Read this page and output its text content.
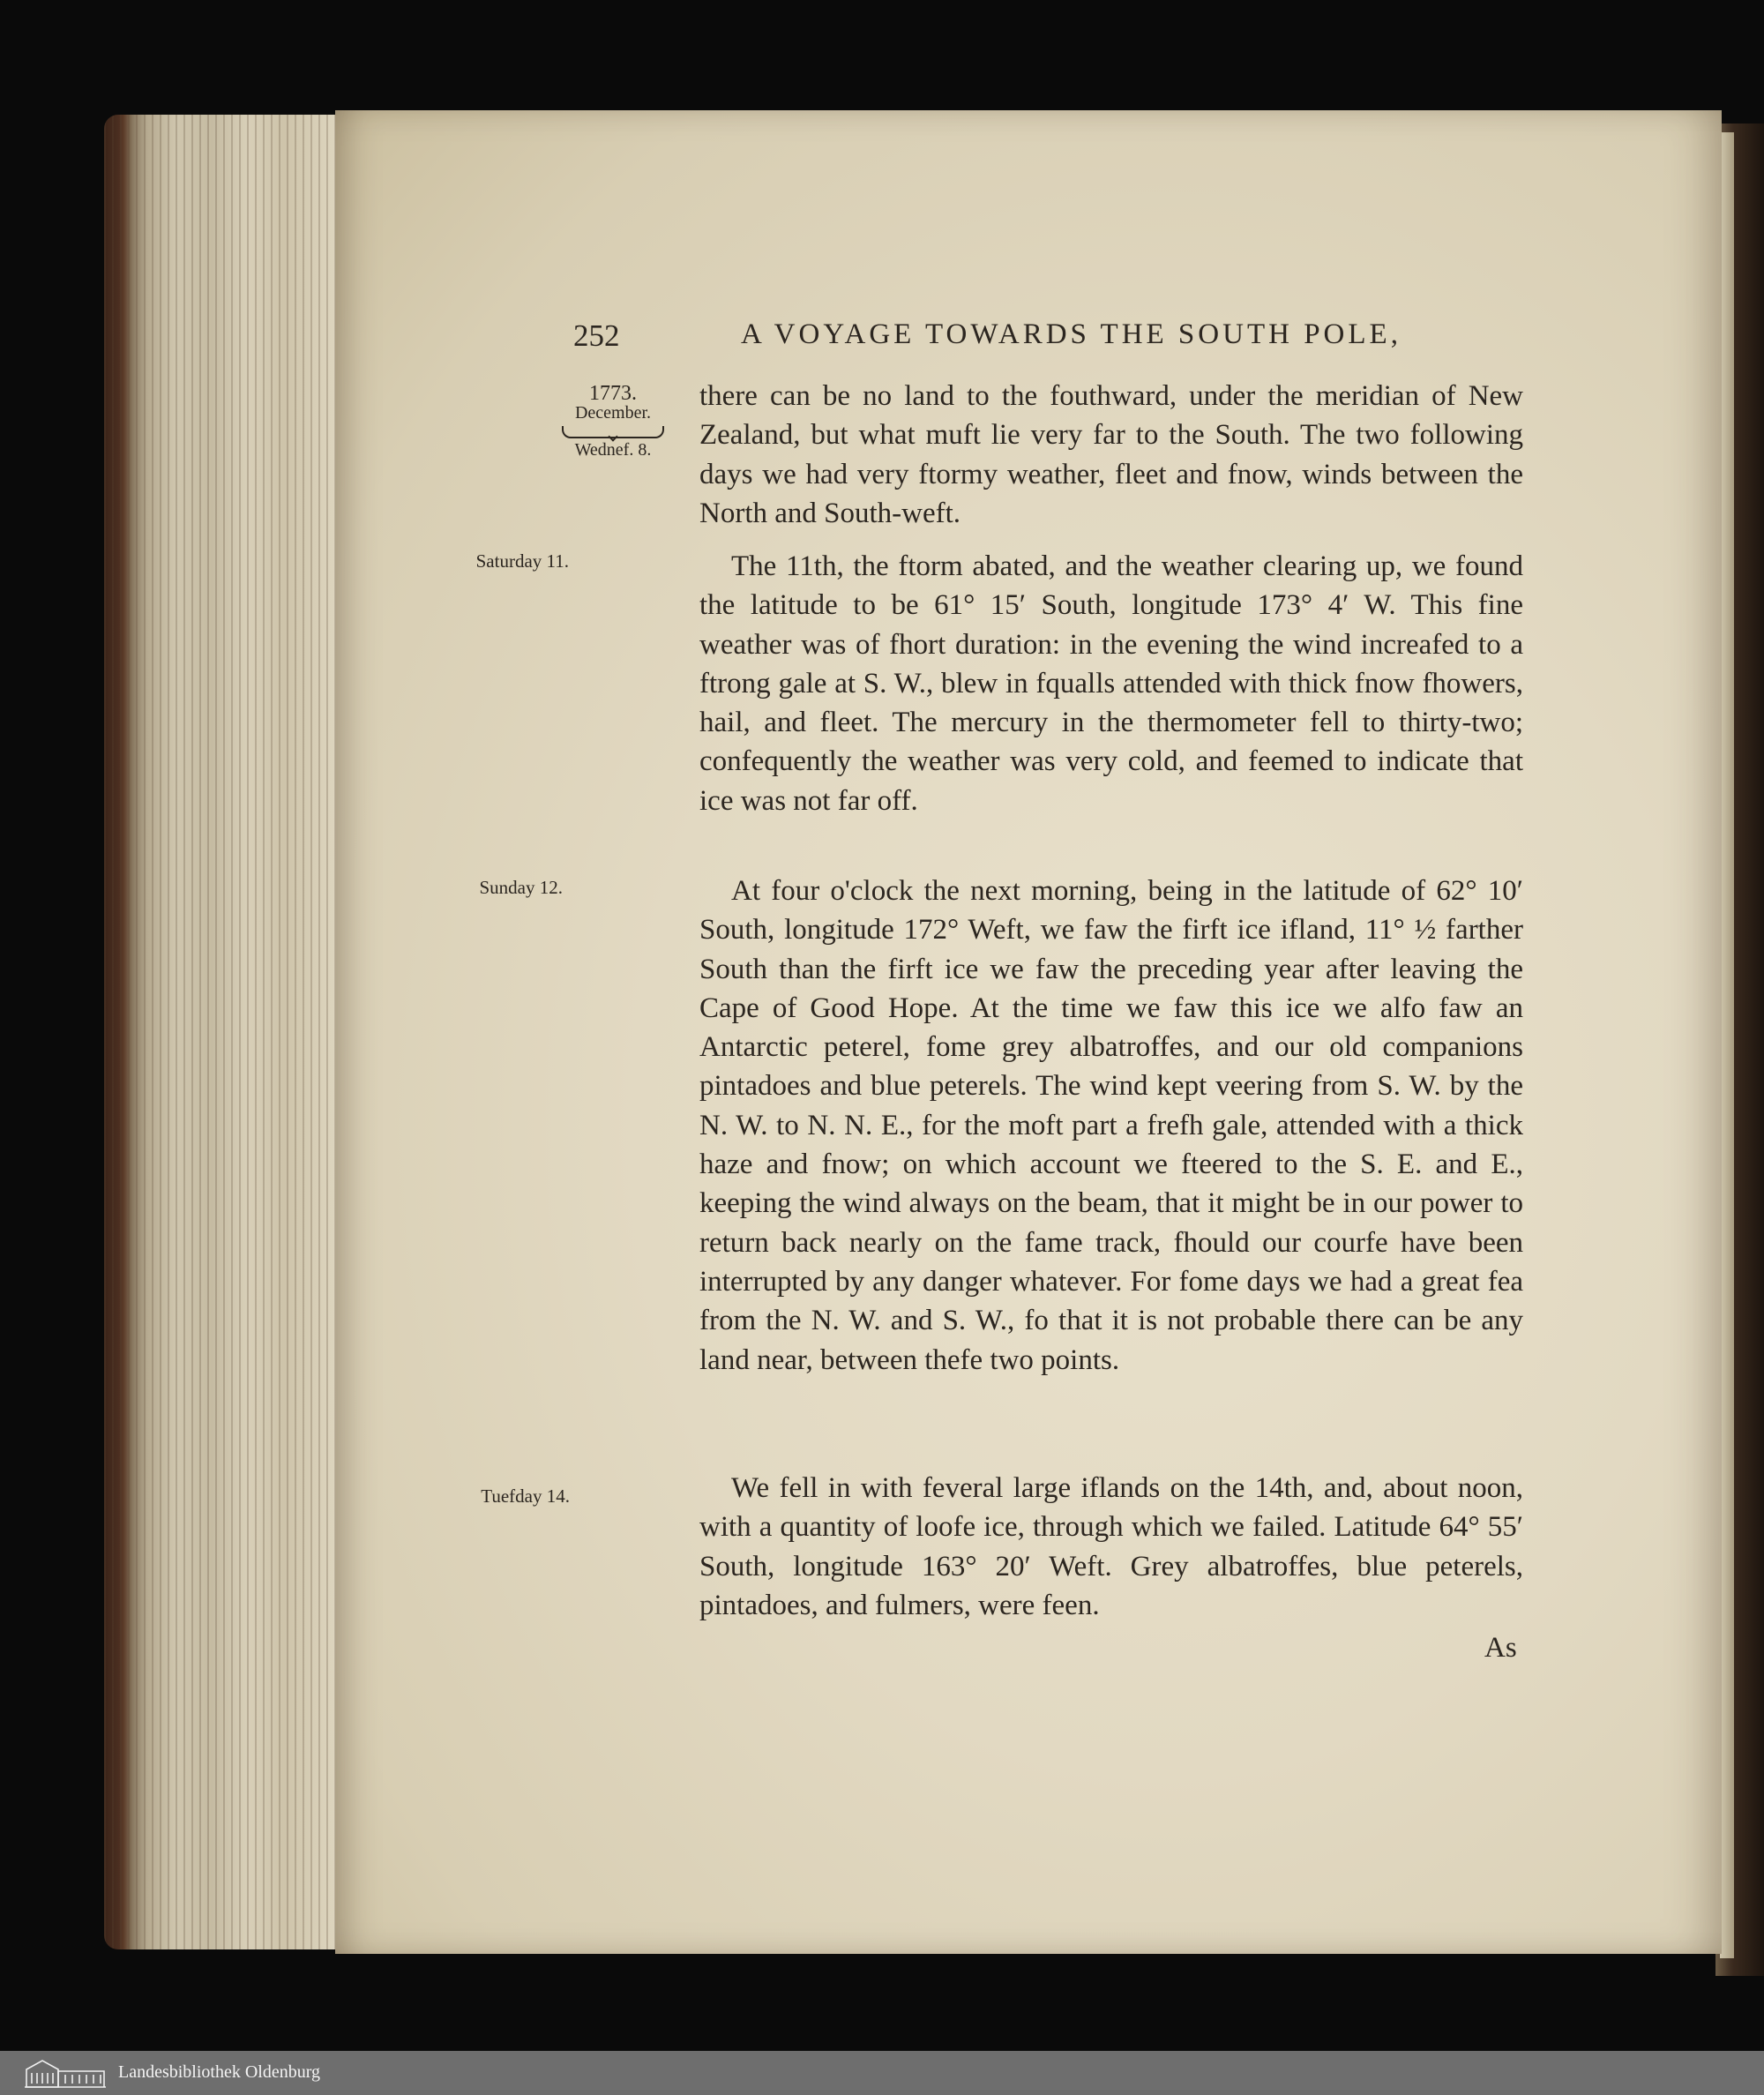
252	A VOYAGE TOWARDS THE SOUTH POLE,
1773.
December.
Wednef. 8.
Saturday 11.
Sunday 12.
Tuefday 14.

there can be no land to the fouthward, under the meridian of New Zealand, but what muft lie very far to the South. The two following days we had very ftormy weather, fleet and fnow, winds between the North and South-weft.

The 11th, the ftorm abated, and the weather clearing up, we found the latitude to be 61° 15′ South, longitude 173° 4′ W. This fine weather was of fhort duration: in the evening the wind increafed to a ftrong gale at S. W., blew in fqualls attended with thick fnow fhowers, hail, and fleet. The mercury in the thermometer fell to thirty-two; confequently the weather was very cold, and feemed to indicate that ice was not far off.

At four o'clock the next morning, being in the latitude of 62° 10′ South, longitude 172° Weft, we faw the firft ice ifland, 11° ½ farther South than the firft ice we faw the preceding year after leaving the Cape of Good Hope. At the time we faw this ice we alfo faw an Antarctic peterel, fome grey albatroffes, and our old companions pintadoes and blue peterels. The wind kept veering from S. W. by the N. W. to N. N. E., for the moft part a frefh gale, attended with a thick haze and fnow; on which account we fteered to the S. E. and E., keeping the wind always on the beam, that it might be in our power to return back nearly on the fame track, fhould our courfe have been interrupted by any danger whatever. For fome days we had a great fea from the N. W. and S. W., fo that it is not probable there can be any land near, between thefe two points.

We fell in with feveral large iflands on the 14th, and, about noon, with a quantity of loofe ice, through which we failed. Latitude 64° 55′ South, longitude 163° 20′ Weft. Grey albatroffes, blue peterels, pintadoes, and fulmers, were feen.

As
Landesbibliothek Oldenburg
